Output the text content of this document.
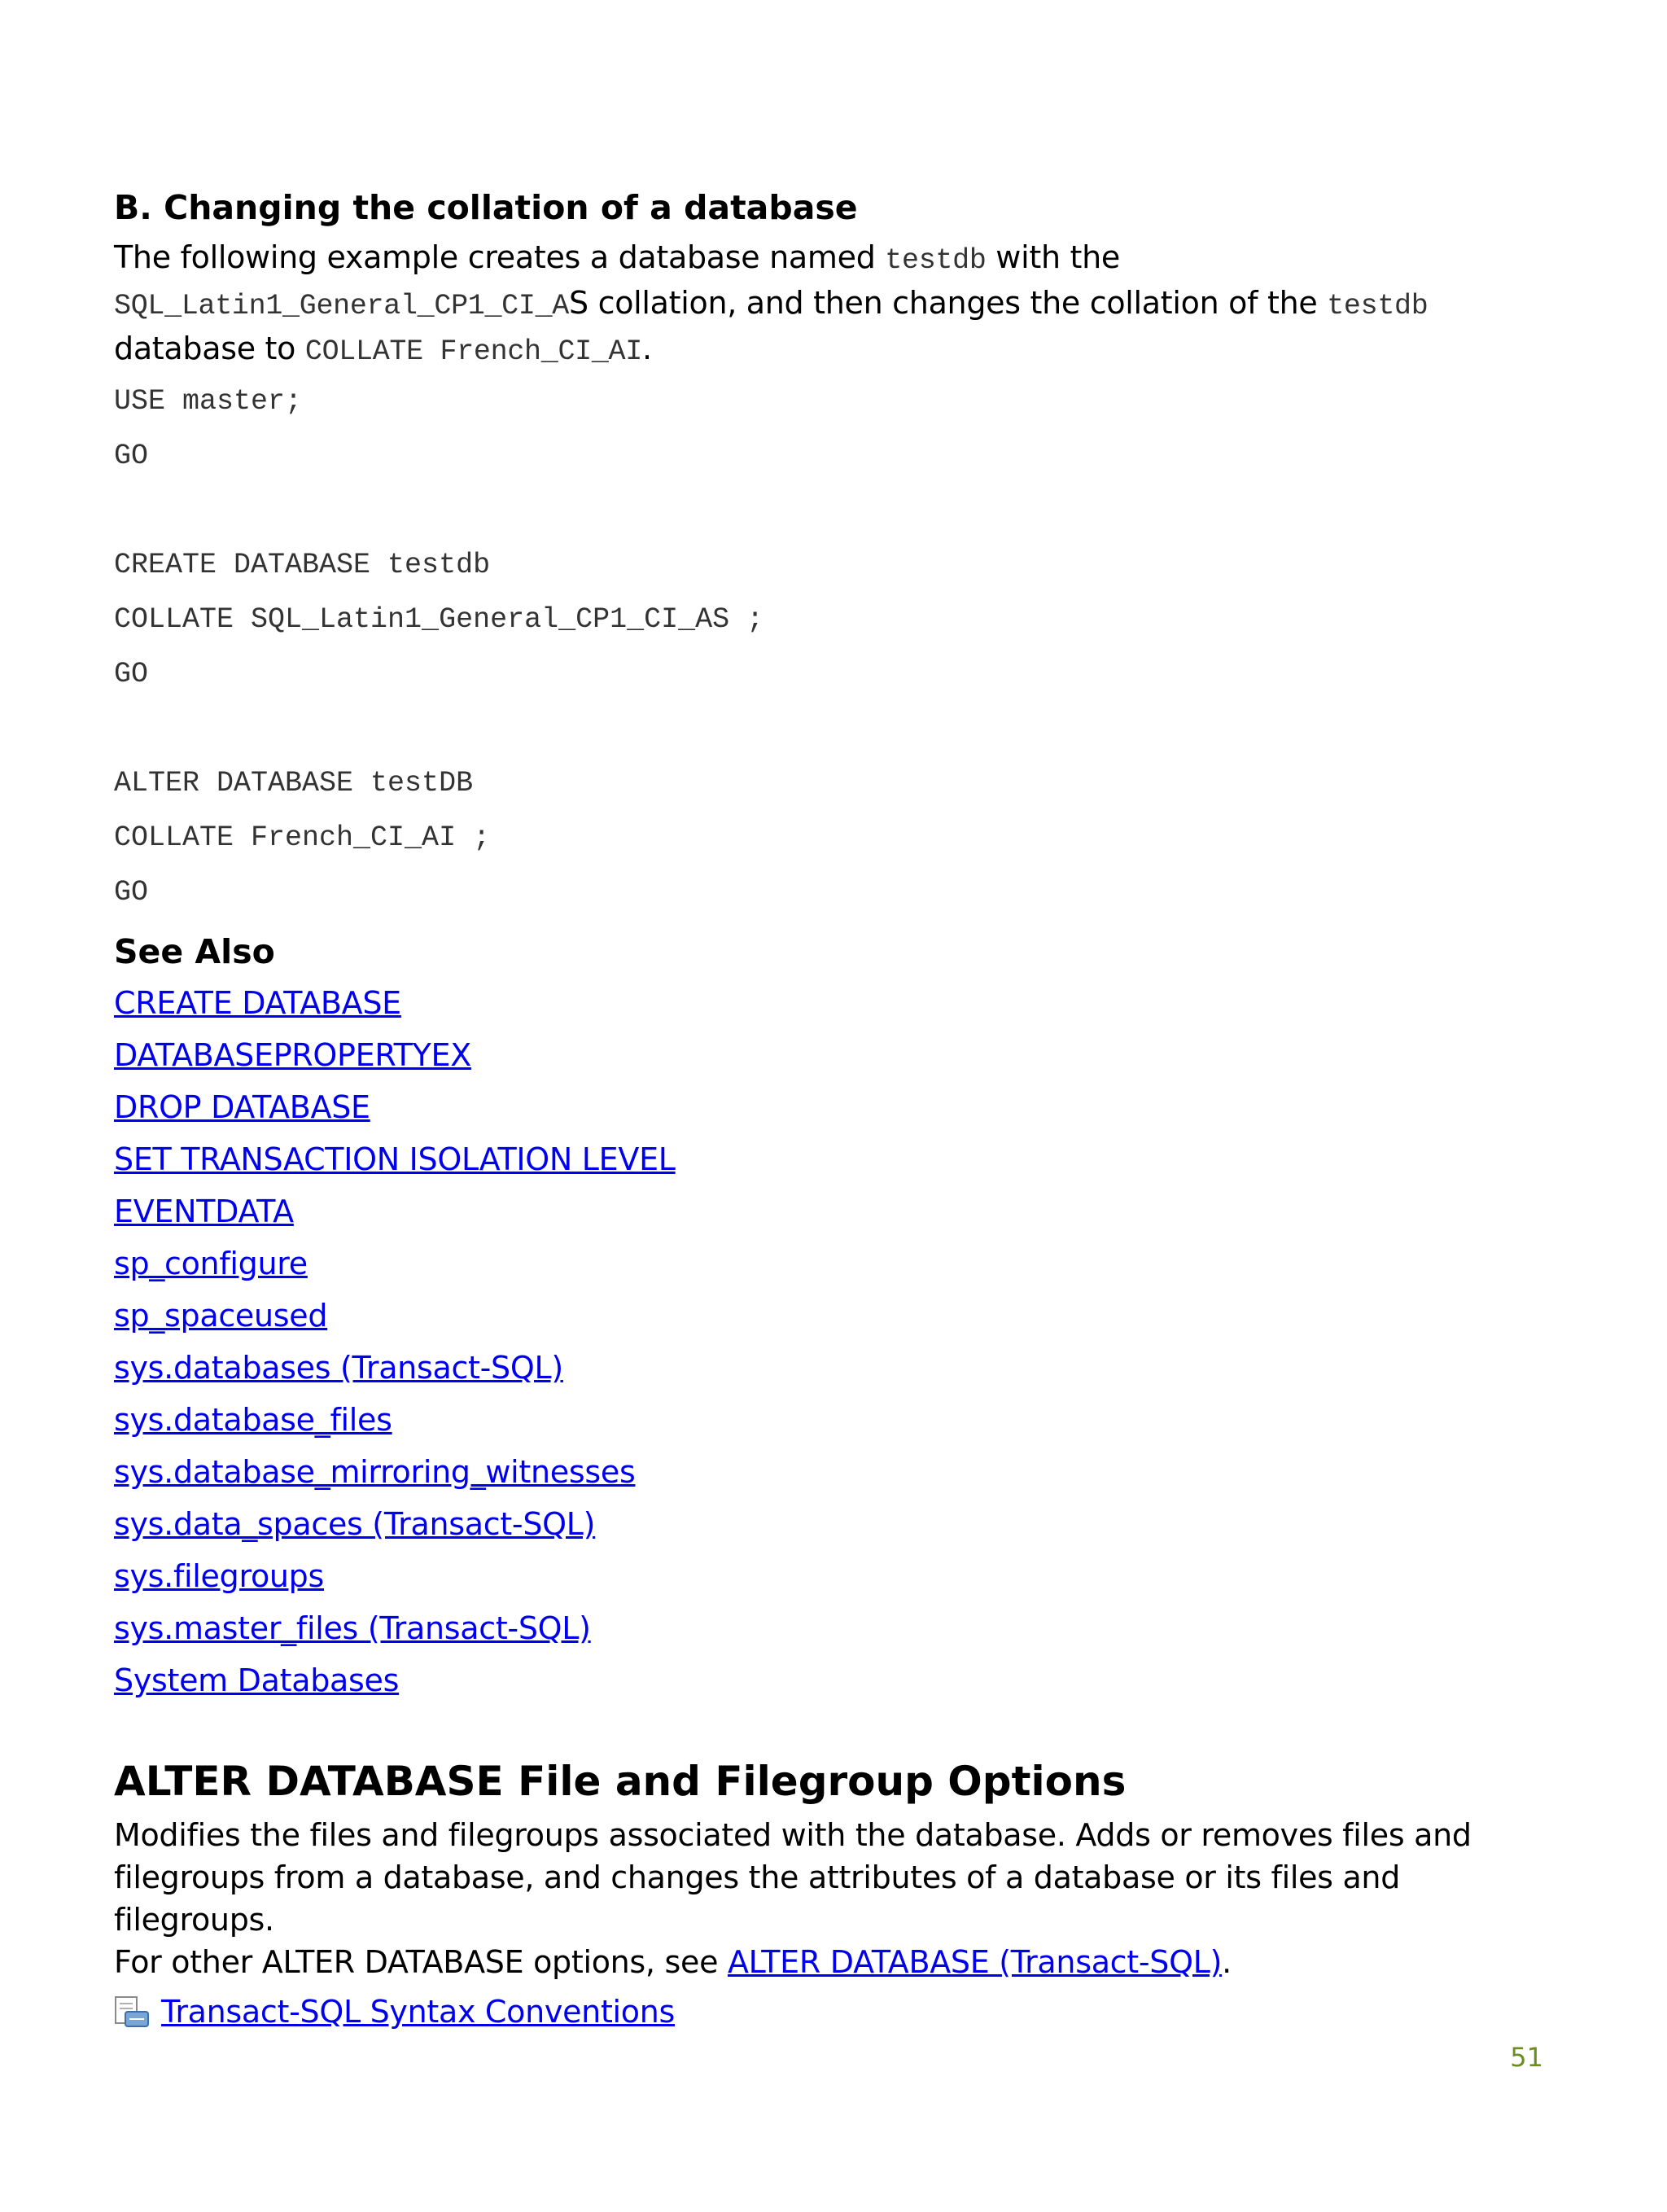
B. Changing the collation of a database

The following example creates a database named testdb with the
SQL_Latin1_General_CP1_CI_AS collation, and then changes the collation of the testdb
database to COLLATE French_CI_AI.

USE master;
GO
CREATE DATABASE testdb
COLLATE SQL_Latin1_General_CP1_CI_AS ;
GO
ALTER DATABASE testDB
COLLATE French_CI_AI ;
GO
See Also
CREATE DATABASE
DATABASEPROPERTYEX
DROP DATABASE
SET TRANSACTION ISOLATION LEVEL
EVENTDATA
sp_configure
sp_spaceused
sys.databases (Transact-SQL)
sys.database_files
sys.database_mirroring_witnesses
sys.data_spaces (Transact-SQL)
sys.filegroups
sys.master_files (Transact-SQL)
System Databases
ALTER DATABASE File and Filegroup Options

Modifies the files and filegroups associated with the database. Adds or removes files and
filegroups from a database, and changes the attributes of a database or its files and filegroups.
For other ALTER DATABASE options, see ALTER DATABASE (Transact-SQL).

Transact-SQL Syntax Conventions
51
